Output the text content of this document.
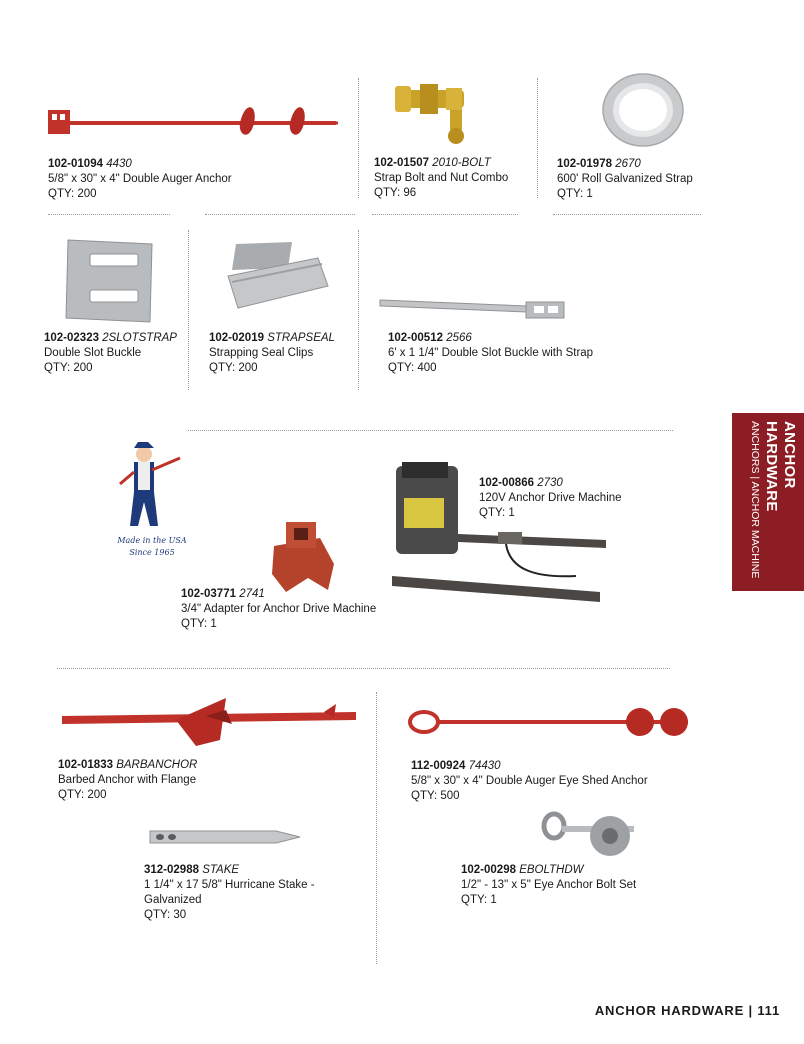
Made in the USA
Since 1965
102-01094 4430
5/8" x 30" x 4" Double Auger Anchor
QTY: 200
102-01507 2010-BOLT
Strap Bolt and Nut Combo
QTY: 96
102-01978 2670
600' Roll Galvanized Strap
QTY: 1
102-02323 2SLOTSTRAP
Double Slot Buckle
QTY: 200
102-02019 STRAPSEAL
Strapping Seal Clips
QTY: 200
102-00512 2566
6' x 1 1/4" Double Slot Buckle with Strap
QTY: 400
102-00866 2730
120V Anchor Drive Machine
QTY: 1
102-03771 2741
3/4" Adapter for Anchor Drive Machine
QTY: 1
102-01833 BARBANCHOR
Barbed Anchor with Flange
QTY: 200
112-00924 74430
5/8" x 30" x 4" Double Auger Eye Shed Anchor
QTY: 500
312-02988 STAKE
1 1/4" x 17 5/8" Hurricane Stake - Galvanized
QTY: 30
102-00298 EBOLTHDW
1/2" - 13" x 5" Eye Anchor Bolt Set
QTY: 1
ANCHOR HARDWARE
ANCHORS | ANCHOR MACHINE
ANCHOR HARDWARE | 111
